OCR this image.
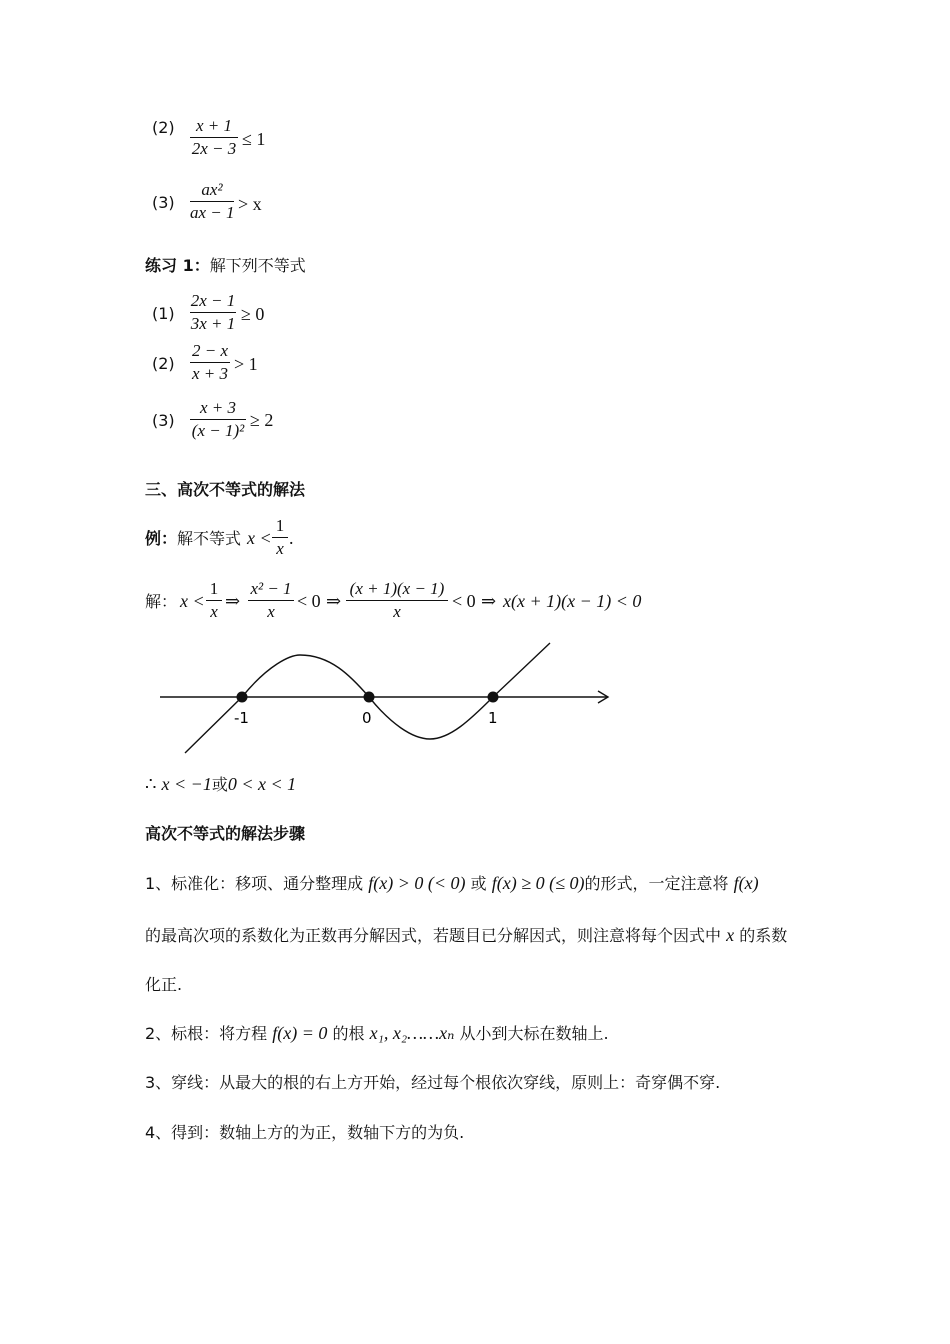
(2)	x + 1
2x − 3 ≤ 1
(3)
ax²
ax − 1 > x
练习 1：解下列不等式
(1)
2x − 1
3x + 1 ≥ 0
(2)
2 − x
x + 3 > 1
(3)
x + 3
(x − 1)²
≥ 2
三、高次不等式的解法
例：解不等式 x <
1
x
.
解： x <
1
x
⇒
x² − 1
x
< 0 ⇒
(x + 1)(x − 1)
x
< 0 ⇒ x(x + 1)(x − 1) < 0
-1	0	1
∴ x < −1或0 < x < 1
高次不等式的解法步骤
1、标准化：移项、通分整理成 f(x) > 0 (< 0) 或 f(x) ≥ 0 (≤ 0)的形式，一定注意将 f(x)
的最高次项的系数化为正数再分解因式，若题目已分解因式，则注意将每个因式中 x 的系数
化正.
2、标根：将方程 f(x) = 0 的根 x₁, x₂……xₙ 从小到大标在数轴上.
3、穿线：从最大的根的右上方开始，经过每个根依次穿线，原则上：奇穿偶不穿.
4、得到：数轴上方的为正，数轴下方的为负.
